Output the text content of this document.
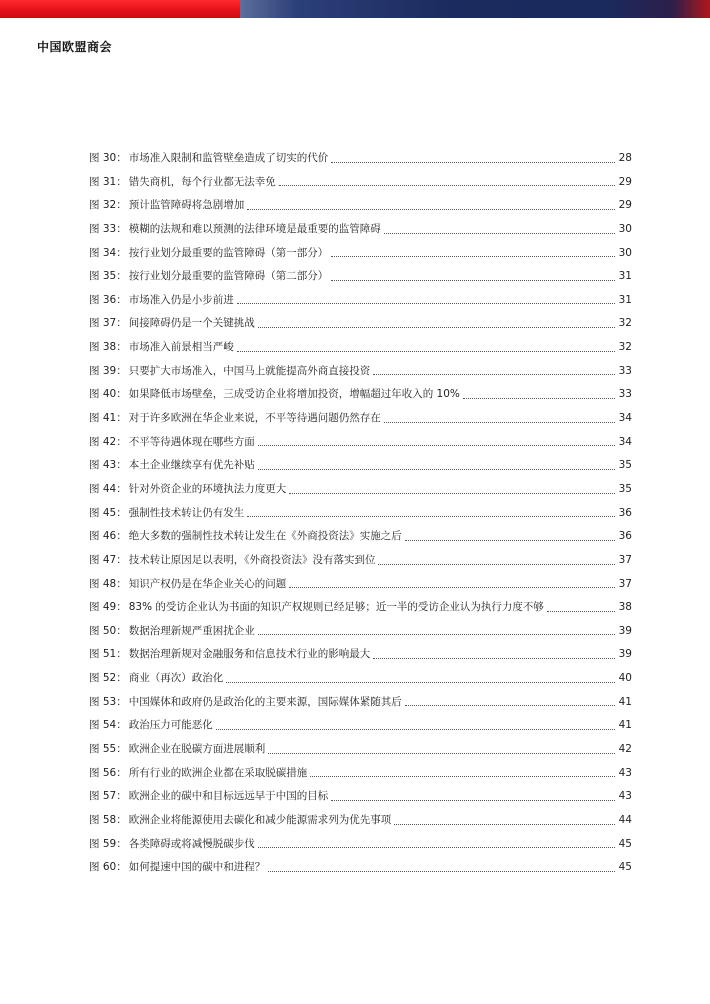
中国欧盟商会
图 30： 市场准入限制和监管壁垒造成了切实的代价	28
图 31： 错失商机，每个行业都无法幸免	29
图 32： 预计监管障碍将急剧增加	29
图 33： 模糊的法规和难以预测的法律环境是最重要的监管障碍	30
图 34： 按行业划分最重要的监管障碍（第一部分）	30
图 35： 按行业划分最重要的监管障碍（第二部分）	31
图 36： 市场准入仍是小步前进	31
图 37： 间接障碍仍是一个关键挑战	32
图 38： 市场准入前景相当严峻	32
图 39： 只要扩大市场准入，中国马上就能提高外商直接投资	33
图 40： 如果降低市场壁垒，三成受访企业将增加投资，增幅超过年收入的 10%	33
图 41： 对于许多欧洲在华企业来说，不平等待遇问题仍然存在	34
图 42： 不平等待遇体现在哪些方面	34
图 43： 本土企业继续享有优先补贴	35
图 44： 针对外资企业的环境执法力度更大	35
图 45： 强制性技术转让仍有发生	36
图 46： 绝大多数的强制性技术转让发生在《外商投资法》实施之后	36
图 47： 技术转让原因足以表明，《外商投资法》没有落实到位	37
图 48： 知识产权仍是在华企业关心的问题	37
图 49： 83% 的受访企业认为书面的知识产权规则已经足够；近一半的受访企业认为执行力度不够	38
图 50： 数据治理新规严重困扰企业	39
图 51： 数据治理新规对金融服务和信息技术行业的影响最大	39
图 52： 商业（再次）政治化	40
图 53： 中国媒体和政府仍是政治化的主要来源，国际媒体紧随其后	41
图 54： 政治压力可能恶化	41
图 55： 欧洲企业在脱碳方面进展顺利	42
图 56： 所有行业的欧洲企业都在采取脱碳措施	43
图 57： 欧洲企业的碳中和目标远远早于中国的目标	43
图 58： 欧洲企业将能源使用去碳化和减少能源需求列为优先事项	44
图 59： 各类障碍或将减慢脱碳步伐	45
图 60： 如何提速中国的碳中和进程？	45
